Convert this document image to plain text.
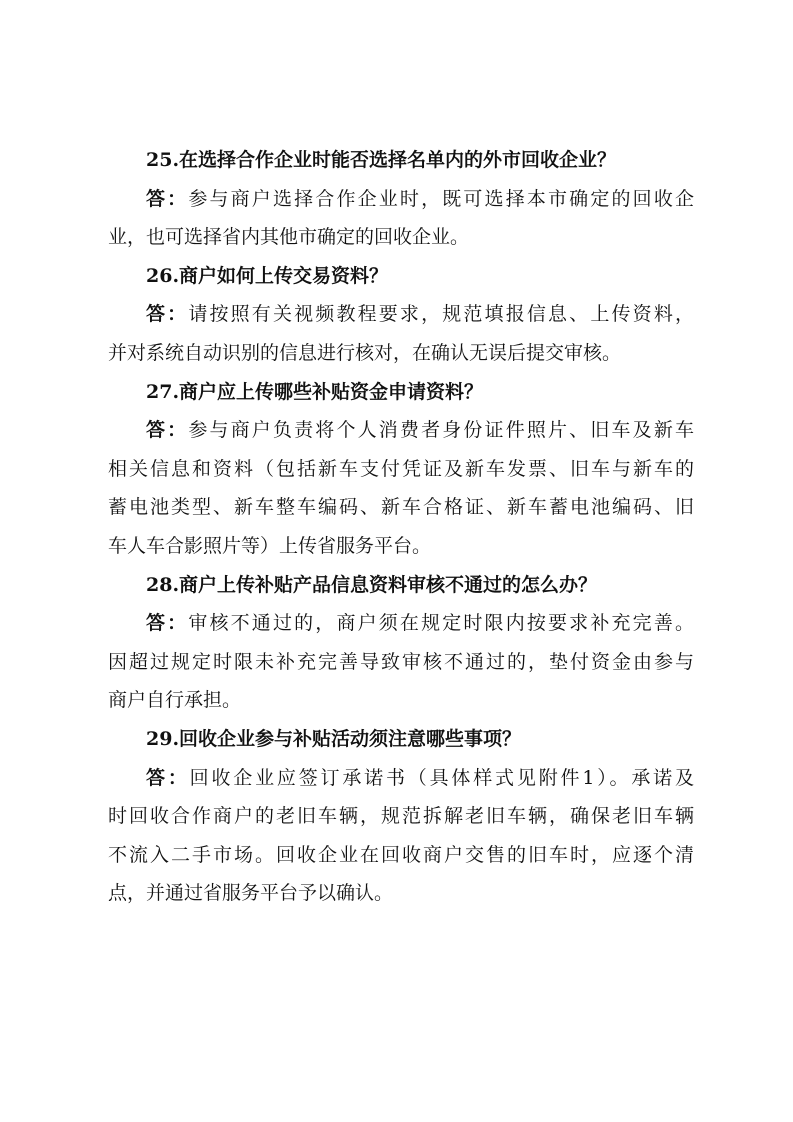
25.在选择合作企业时能否选择名单内的外市回收企业？
答：参与商户选择合作企业时，既可选择本市确定的回收企
业，也可选择省内其他市确定的回收企业。
26.商户如何上传交易资料？
答：请按照有关视频教程要求，规范填报信息、上传资料，
并对系统自动识别的信息进行核对，在确认无误后提交审核。
27.商户应上传哪些补贴资金申请资料？
答：参与商户负责将个人消费者身份证件照片、旧车及新车
相关信息和资料（包括新车支付凭证及新车发票、旧车与新车的
蓄电池类型、新车整车编码、新车合格证、新车蓄电池编码、旧
车人车合影照片等）上传省服务平台。
28.商户上传补贴产品信息资料审核不通过的怎么办？
答：审核不通过的，商户须在规定时限内按要求补充完善。
因超过规定时限未补充完善导致审核不通过的，垫付资金由参与
商户自行承担。
29.回收企业参与补贴活动须注意哪些事项？
答：回收企业应签订承诺书（具体样式见附件1）。承诺及
时回收合作商户的老旧车辆，规范拆解老旧车辆，确保老旧车辆
不流入二手市场。回收企业在回收商户交售的旧车时，应逐个清
点，并通过省服务平台予以确认。
